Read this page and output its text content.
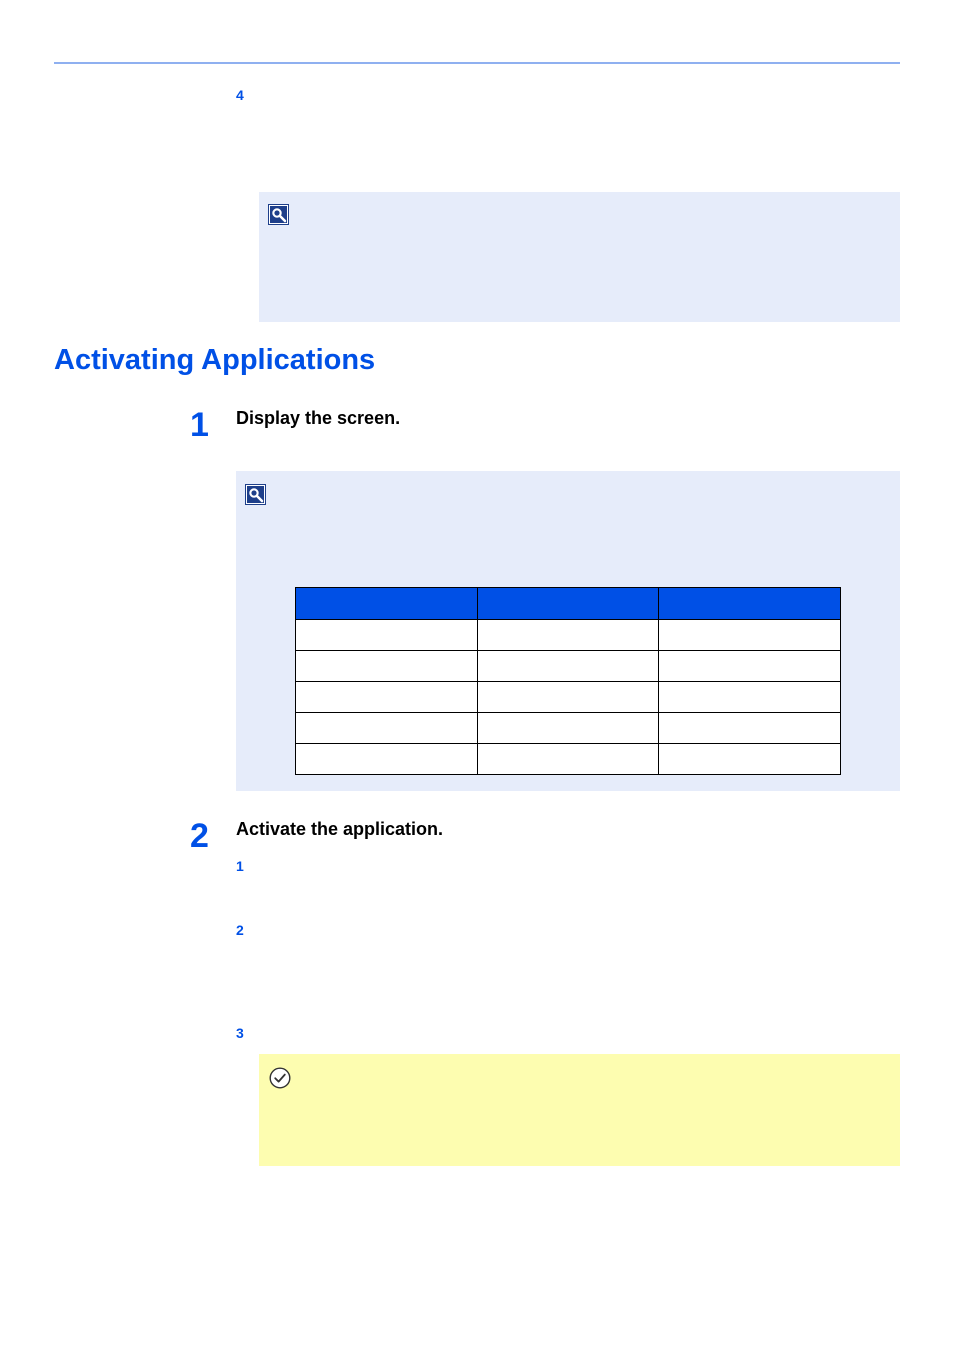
4
Activating Applications
1 Display the screen.

2 Activate the application.
1
2
3
